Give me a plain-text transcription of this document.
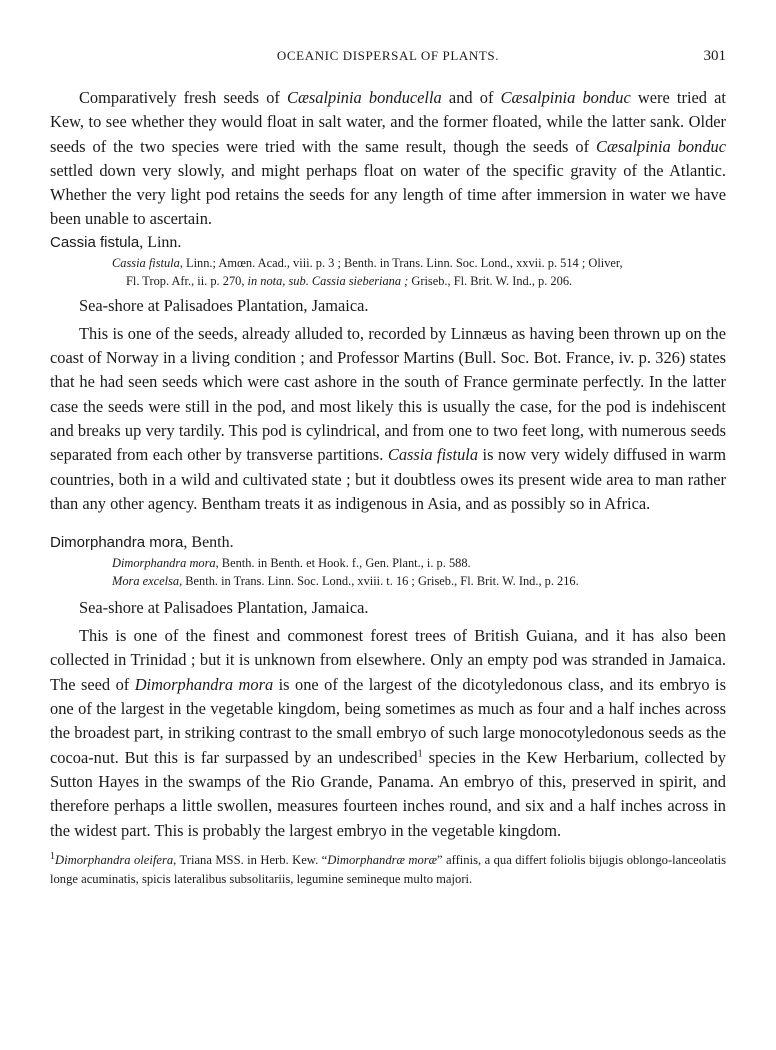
OCEANIC DISPERSAL OF PLANTS.	301

Comparatively fresh seeds of Cæsalpinia bonducella and of Cæsalpinia bonduc were tried at Kew, to see whether they would float in salt water, and the former floated, while the latter sank. Older seeds of the two species were tried with the same result, though the seeds of Cæsalpinia bonduc settled down very slowly, and might perhaps float on water of the specific gravity of the Atlantic. Whether the very light pod retains the seeds for any length of time after immersion in water we have been unable to ascertain.

Cassia fistula, Linn.
Cassia fistula, Linn.; Amœn. Acad., viii. p. 3 ; Benth. in Trans. Linn. Soc. Lond., xxvii. p. 514 ; Oliver,
Fl. Trop. Afr., ii. p. 270, in nota, sub. Cassia sieberiana ; Griseb., Fl. Brit. W. Ind., p. 206.

Sea-shore at Palisadoes Plantation, Jamaica.

This is one of the seeds, already alluded to, recorded by Linnæus as having been thrown up on the coast of Norway in a living condition ; and Professor Martins (Bull. Soc. Bot. France, iv. p. 326) states that he had seen seeds which were cast ashore in the south of France germinate perfectly. In the latter case the seeds were still in the pod, and most likely this is usually the case, for the pod is indehiscent and breaks up very tardily. This pod is cylindrical, and from one to two feet long, with numerous seeds separated from each other by transverse partitions. Cassia fistula is now very widely diffused in warm countries, both in a wild and cultivated state ; but it doubtless owes its present wide area to man rather than any other agency. Bentham treats it as indigenous in Asia, and as possibly so in Africa.

Dimorphandra mora, Benth.
Dimorphandra mora, Benth. in Benth. et Hook. f., Gen. Plant., i. p. 588.
Mora excelsa, Benth. in Trans. Linn. Soc. Lond., xviii. t. 16 ; Griseb., Fl. Brit. W. Ind., p. 216.

Sea-shore at Palisadoes Plantation, Jamaica.

This is one of the finest and commonest forest trees of British Guiana, and it has also been collected in Trinidad ; but it is unknown from elsewhere. Only an empty pod was stranded in Jamaica. The seed of Dimorphandra mora is one of the largest of the dicotyledonous class, and its embryo is one of the largest in the vegetable kingdom, being sometimes as much as four and a half inches across the broadest part, in striking contrast to the small embryo of such large monocotyledonous seeds as the cocoa-nut. But this is far surpassed by an undescribed$^1$ species in the Kew Herbarium, collected by Sutton Hayes in the swamps of the Rio Grande, Panama. An embryo of this, preserved in spirit, and therefore perhaps a little swollen, measures fourteen inches round, and six and a half inches across in the widest part. This is probably the largest embryo in the vegetable kingdom.

$^1$Dimorphandra oleifera, Triana MSS. in Herb. Kew. “Dimorphandræ moræ” affinis, a qua differt foliolis bijugis oblongo-lanceolatis longe acuminatis, spicis lateralibus subsolitariis, legumine semineque multo majori.
